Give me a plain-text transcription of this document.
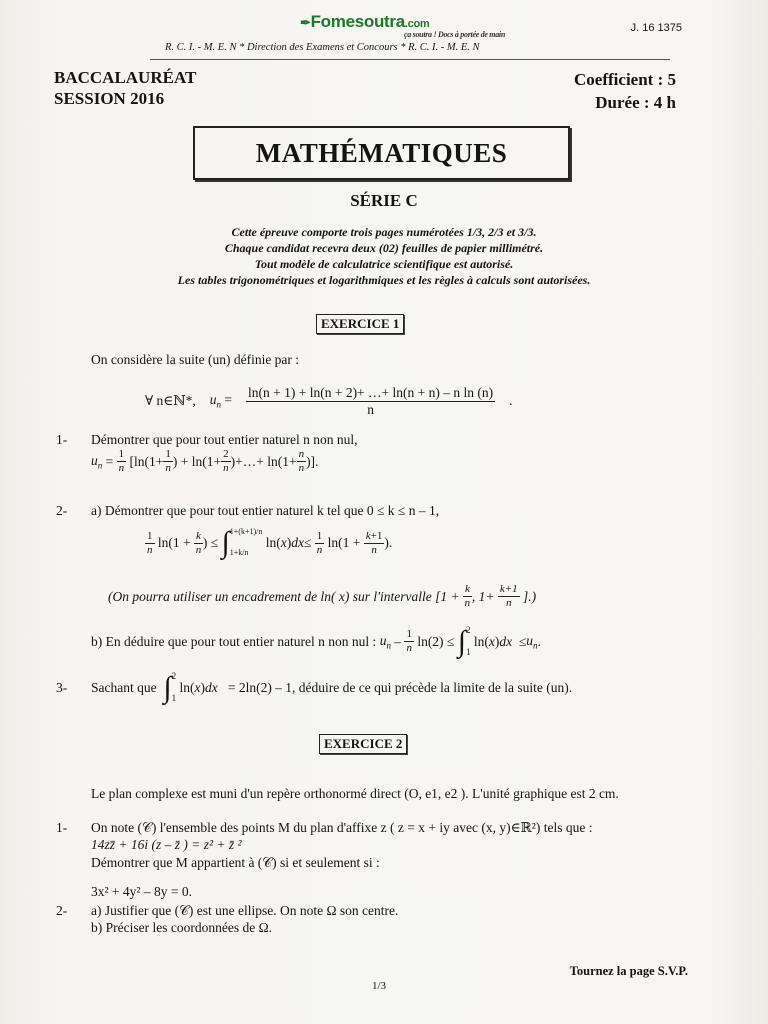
✒Fomesoutra.com
ça soutra ! Docs à portée de main
J. 16 1375
R. C. I. - M. E. N * Direction des Examens et Concours * R. C. I. - M. E. N
BACCALAURÉAT
SESSION 2016
Coefficient : 5
Durée : 4 h
MATHÉMATIQUES
SÉRIE C
Cette épreuve comporte trois pages numérotées 1/3, 2/3 et 3/3.
Chaque candidat recevra deux (02) feuilles de papier millimétré.
Tout modèle de calculatrice scientifique est autorisé.
Les tables trigonométriques et logarithmiques et les règles à calculs sont autorisées.
EXERCICE 1
On considère la suite (un) définie par :
∀ n∈ℕ*, $u_n = \frac{\text{ln(n + 1) + ln(n + 2)+ …+ ln(n + n) – n ln (n)}}{n}$ .
1- Démontrer que pour tout entier naturel n non nul,
$u_n = \frac{1}{n} [\ln(1+ \frac{1}{n}$ ) + $\ln(1+ \frac{2}{n}$ )+…+ $\ln(1+ \frac{n}{n}$ )].
2- a) Démontrer que pour tout entier naturel k tel que 0 ≤ k ≤ n – 1,
$\frac{1}{n} \ln(1 + \frac{k}{n}$ ) ≤ ∫ 1+(k+1)/n
1+k/n
ln( x ) dx ≤ $\frac{1}{n} \ln(1 + \frac{k+1}{n}$ ).
(On pourra utiliser un encadrement de ln( x) sur l'intervalle [$1 + \frac{k}{n}$ , $1+ \frac{k+1}{n}$ ].)
b) En déduire que pour tout entier naturel n non nul :
$u_n - \frac{1}{n} \ln(2)$ ≤ ∫ 2
1
ln( x ) dx ≤ $u_n$ .
3- Sachant que
∫ 2
1
ln( x ) dx
= 2ln(2) – 1, déduire de ce qui précède la limite de la suite (un).
EXERCICE 2
Le plan complexe est muni d'un repère orthonormé direct (O, e1, e2 ). L'unité graphique est 2 cm.
1- On note (𝒞) l'ensemble des points M du plan d'affixe z ( z = x + iy avec (x, y)∈ℝ²) tels que :
14zz̄ + 16i (z – z̄ ) = z² + z̄ ²
Démontrer que M appartient à (𝒞) si et seulement si :
3x² + 4y² – 8y = 0.
2- a) Justifier que (𝒞) est une ellipse. On note Ω son centre.
b) Préciser les coordonnées de Ω.
Tournez la page S.V.P.
1/3
